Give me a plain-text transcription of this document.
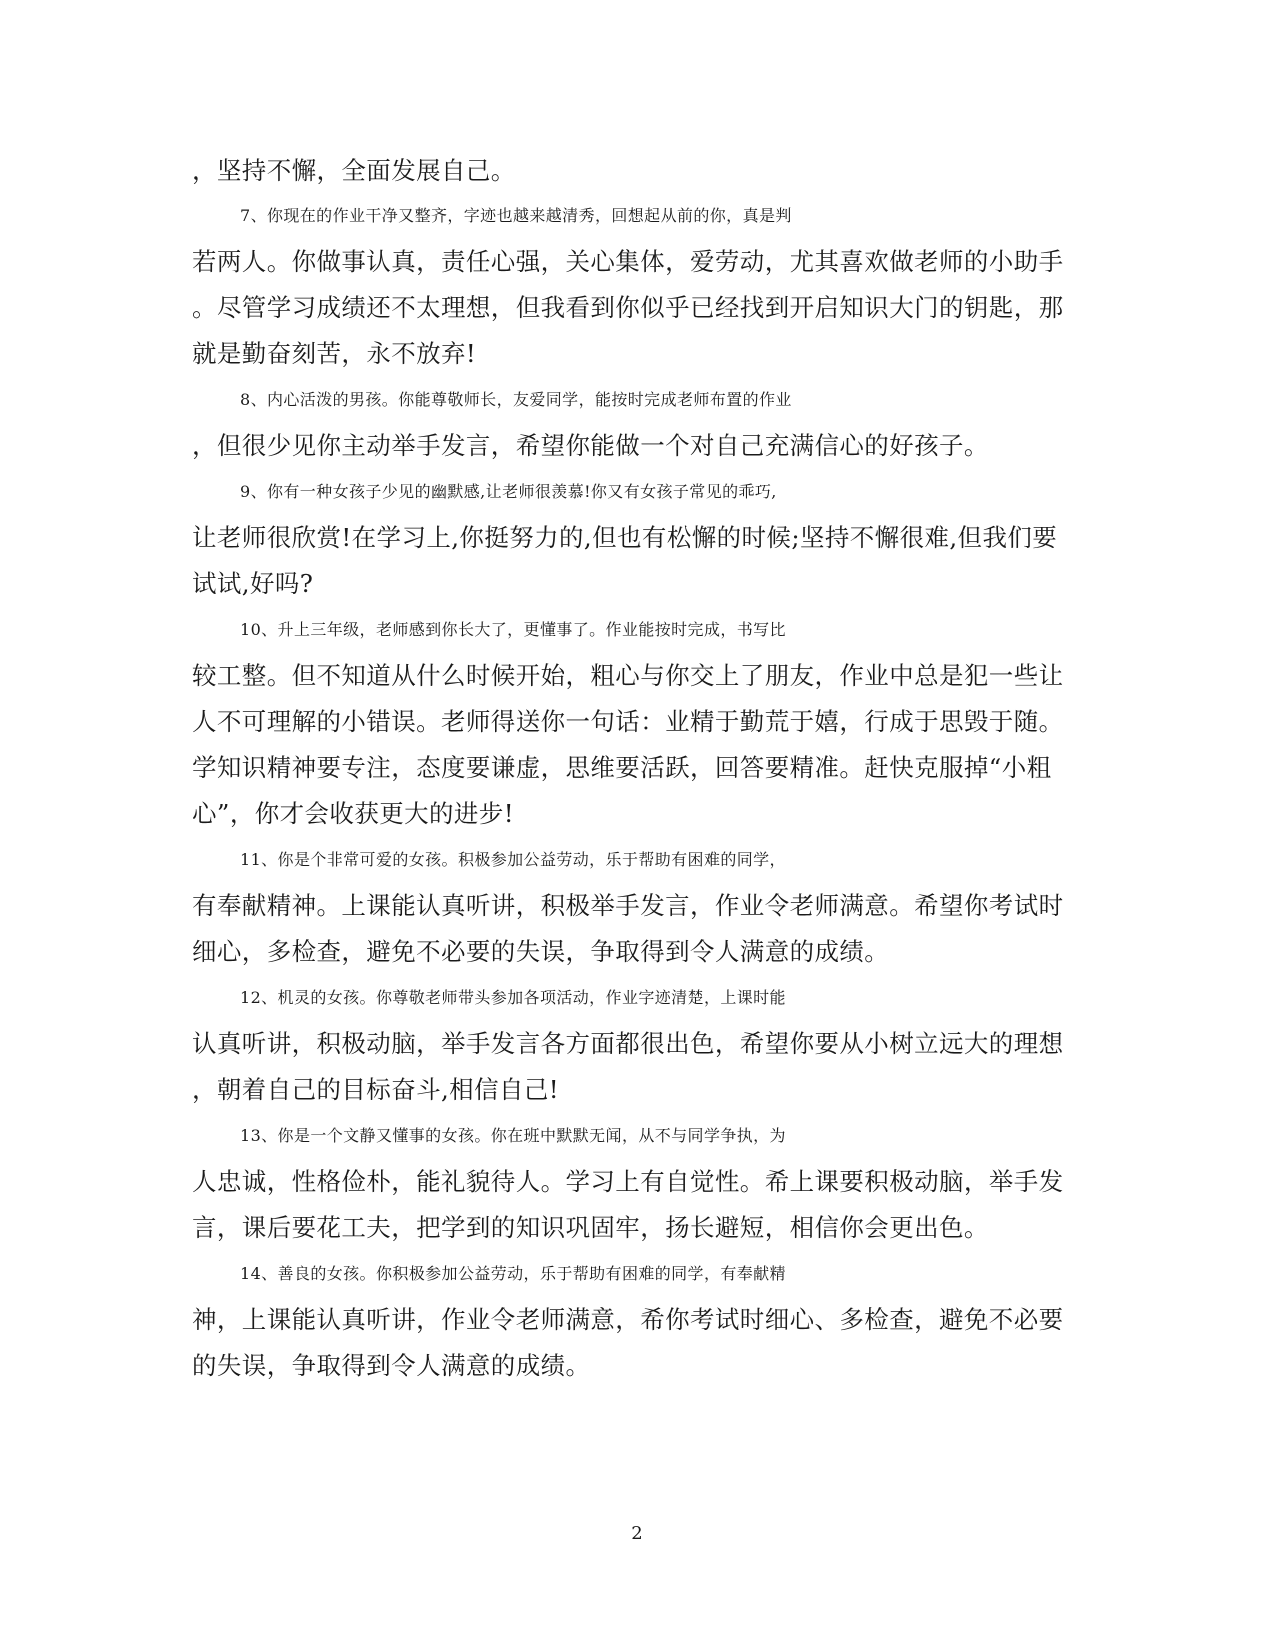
，坚持不懈，全面发展自己。
7、你现在的作业干净又整齐，字迹也越来越清秀，回想起从前的你，真是判
若两人。你做事认真，责任心强，关心集体，爱劳动，尤其喜欢做老师的小助手
。尽管学习成绩还不太理想，但我看到你似乎已经找到开启知识大门的钥匙，那
就是勤奋刻苦，永不放弃!
8、内心活泼的男孩。你能尊敬师长，友爱同学，能按时完成老师布置的作业
，但很少见你主动举手发言，希望你能做一个对自己充满信心的好孩子。
9、你有一种女孩子少见的幽默感,让老师很羡慕!你又有女孩子常见的乖巧,
让老师很欣赏!在学习上,你挺努力的,但也有松懈的时候;坚持不懈很难,但我们要
试试,好吗?
10、升上三年级，老师感到你长大了，更懂事了。作业能按时完成，书写比
较工整。但不知道从什么时候开始，粗心与你交上了朋友，作业中总是犯一些让
人不可理解的小错误。老师得送你一句话：业精于勤荒于嬉，行成于思毁于随。
学知识精神要专注，态度要谦虚，思维要活跃，回答要精准。赶快克服掉“小粗
心”，你才会收获更大的进步!
11、你是个非常可爱的女孩。积极参加公益劳动，乐于帮助有困难的同学，
有奉献精神。上课能认真听讲，积极举手发言，作业令老师满意。希望你考试时
细心，多检查，避免不必要的失误，争取得到令人满意的成绩。
12、机灵的女孩。你尊敬老师带头参加各项活动，作业字迹清楚，上课时能
认真听讲，积极动脑，举手发言各方面都很出色，希望你要从小树立远大的理想
，朝着自己的目标奋斗,相信自己!
13、你是一个文静又懂事的女孩。你在班中默默无闻，从不与同学争执，为
人忠诚，性格俭朴，能礼貌待人。学习上有自觉性。希上课要积极动脑，举手发
言，课后要花工夫，把学到的知识巩固牢，扬长避短，相信你会更出色。
14、善良的女孩。你积极参加公益劳动，乐于帮助有困难的同学，有奉献精
神，上课能认真听讲，作业令老师满意，希你考试时细心、多检查，避免不必要
的失误，争取得到令人满意的成绩。
2
